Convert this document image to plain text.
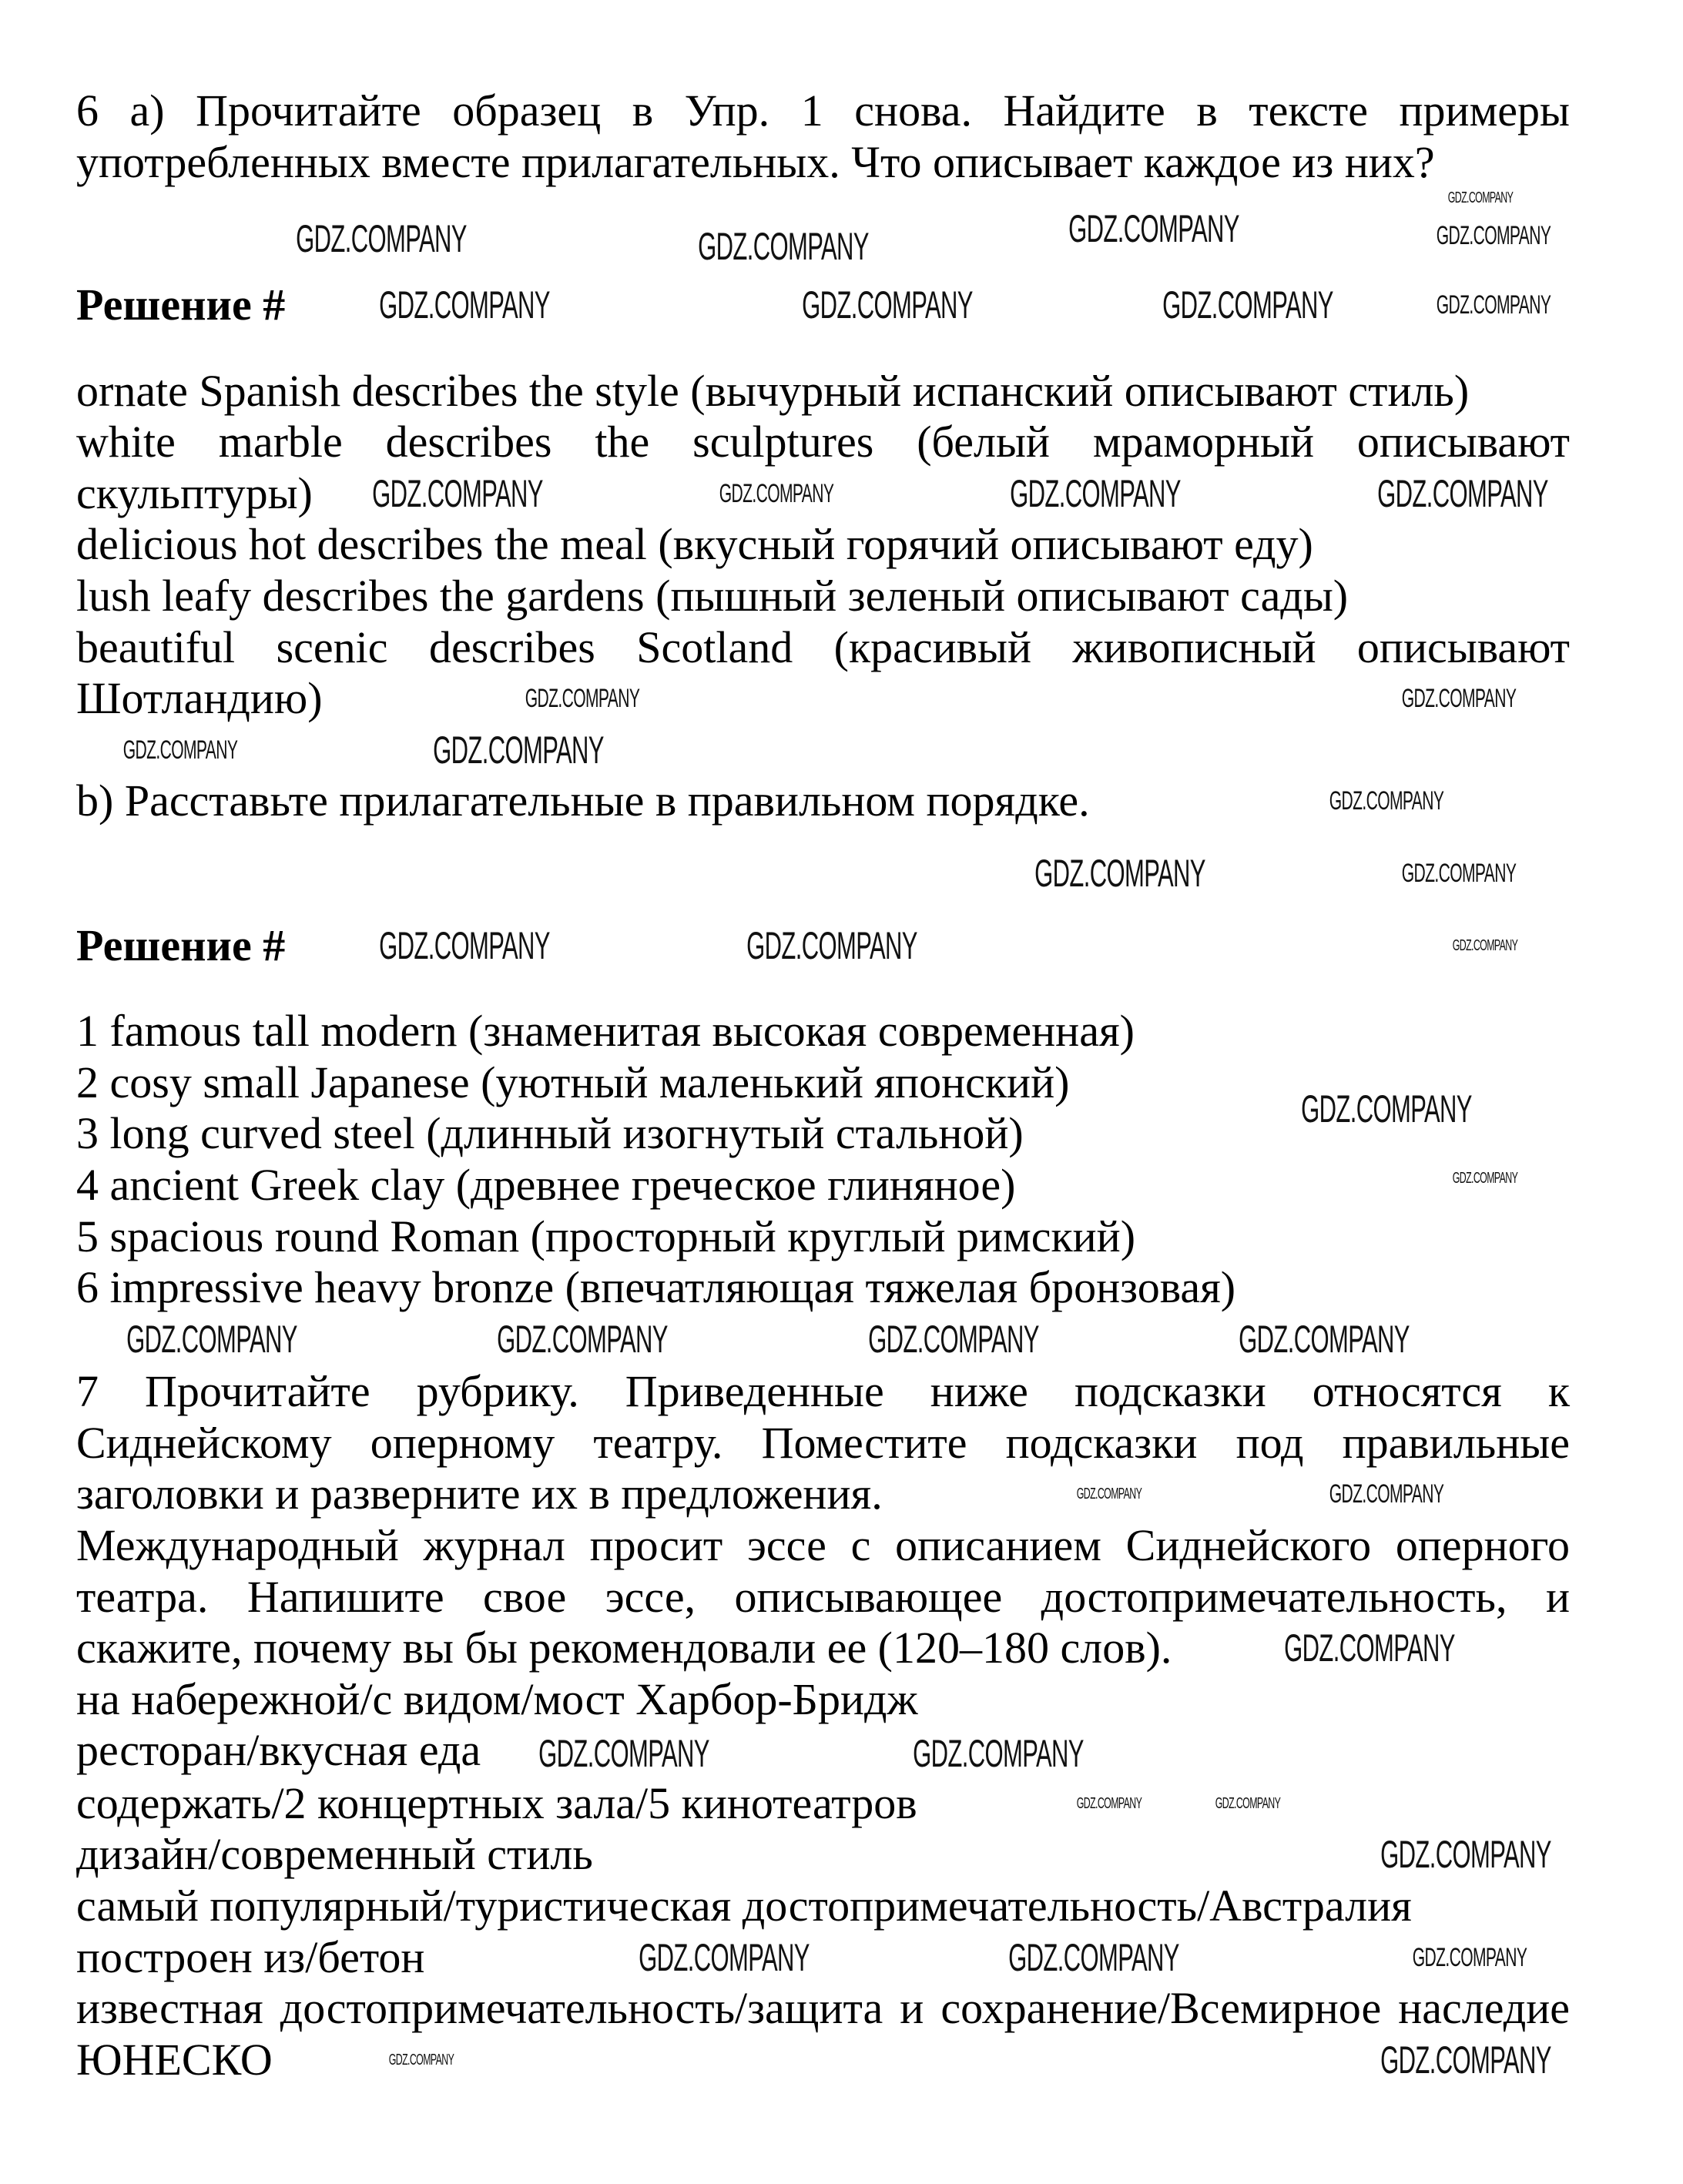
6 а) Прочитайте образец в Упр. 1 снова. Найдите в тексте примеры
употребленных вместе прилагательных. Что описывает каждое из них?
Решение #
ornate Spanish describes the style (вычурный испанский описывают стиль)
white marble describes the sculptures (белый мраморный описывают
скульптуры)
delicious hot describes the meal (вкусный горячий описывают еду)
lush leafy describes the gardens (пышный зеленый описывают сады)
beautiful scenic describes Scotland (красивый живописный описывают
Шотландию)
b) Расставьте прилагательные в правильном порядке.
Решение #
1 famous tall modern (знаменитая высокая современная)
2 cosy small Japanese (уютный маленький японский)
3 long curved steel (длинный изогнутый стальной)
4 ancient Greek clay (древнее греческое глиняное)
5 spacious round Roman (просторный круглый римский)
6 impressive heavy bronze (впечатляющая тяжелая бронзовая)
7 Прочитайте рубрику. Приведенные ниже подсказки относятся к
Сиднейскому оперному театру. Поместите подсказки под правильные
заголовки и разверните их в предложения.
Международный журнал просит эссе с описанием Сиднейского оперного
театра. Напишите свое эссе, описывающее достопримечательность, и
скажите, почему вы бы рекомендовали ее (120–180 слов).
на набережной/с видом/мост Харбор-Бридж
ресторан/вкусная еда
содержать/2 концертных зала/5 кинотеатров
дизайн/современный стиль
самый популярный/туристическая достопримечательность/Австралия
построен из/бетон
известная достопримечательность/защита и сохранение/Всемирное наследие
ЮНЕСКО
GDZ.COMPANY	GDZ.COMPANY	GDZ.COMPANY	GDZ.COMPANY
GDZ.COMPANY
GDZ.COMPANY	GDZ.COMPANY	GDZ.COMPANY	GDZ.COMPANY
GDZ.COMPANY	GDZ.COMPANY	GDZ.COMPANY	GDZ.COMPANY
GDZ.COMPANY	GDZ.COMPANY
GDZ.COMPANY	GDZ.COMPANY
GDZ.COMPANY
GDZ.COMPANY	GDZ.COMPANY
GDZ.COMPANY	GDZ.COMPANY	GDZ.COMPANY
GDZ.COMPANY
GDZ.COMPANY
GDZ.COMPANY	GDZ.COMPANY	GDZ.COMPANY	GDZ.COMPANY
GDZ.COMPANY	GDZ.COMPANY
GDZ.COMPANY
GDZ.COMPANY	GDZ.COMPANY
GDZ.COMPANY	GDZ.COMPANY
GDZ.COMPANY
GDZ.COMPANY	GDZ.COMPANY	GDZ.COMPANY
GDZ.COMPANY
GDZ.COMPANY
